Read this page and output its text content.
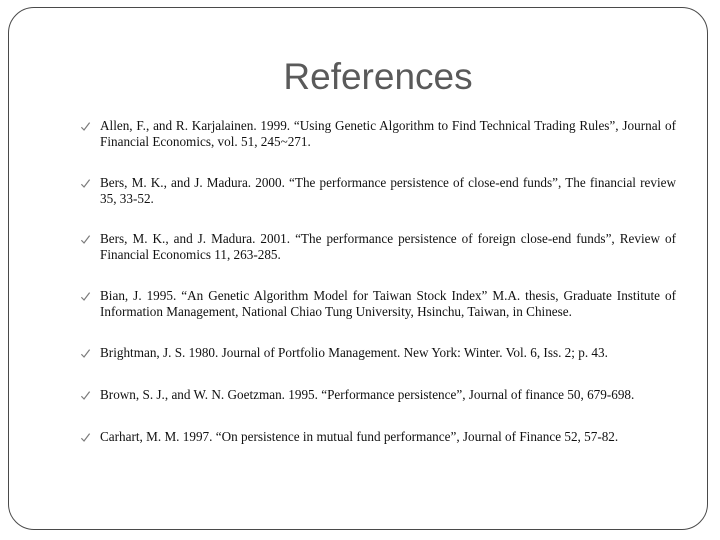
References
Allen, F., and R. Karjalainen. 1999. “Using Genetic Algorithm to Find Technical Trading Rules”, Journal of Financial Economics, vol. 51, 245~271.
Bers, M. K., and J. Madura. 2000. “The performance persistence of close-end funds”, The financial review 35, 33-52.
Bers, M. K., and J. Madura. 2001. “The performance persistence of foreign close-end funds”, Review of Financial Economics 11, 263-285.
Bian, J. 1995. “An Genetic Algorithm Model for Taiwan Stock Index” M.A. thesis, Graduate Institute of Information Management, National Chiao Tung University, Hsinchu, Taiwan, in Chinese.
Brightman, J. S. 1980. Journal of Portfolio Management. New York: Winter. Vol. 6, Iss. 2; p. 43.
Brown, S. J., and W. N. Goetzman. 1995. “Performance persistence”, Journal of finance 50, 679-698.
Carhart, M. M. 1997. “On persistence in mutual fund performance”, Journal of Finance 52, 57-82.
